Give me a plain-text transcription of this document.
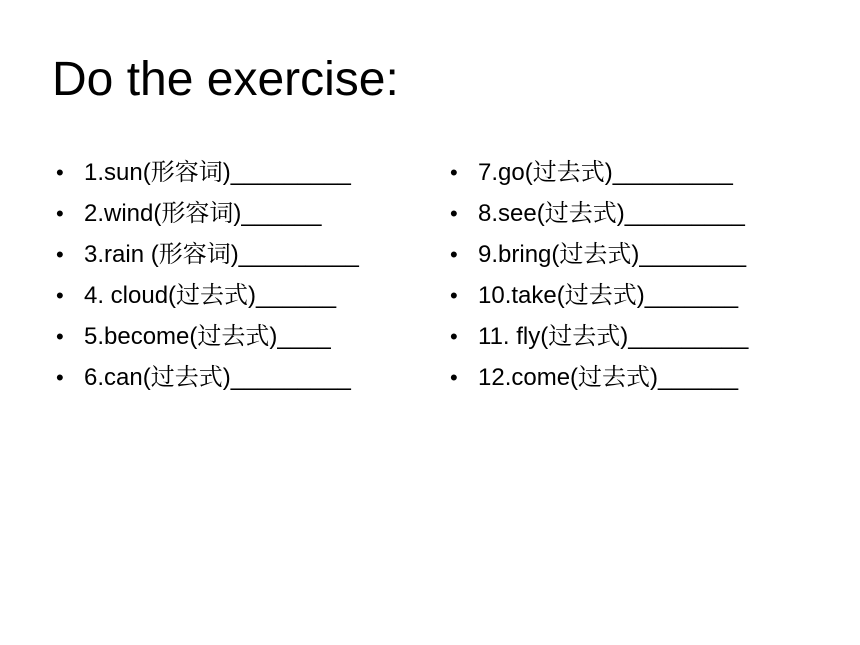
Do the exercise:
• 1.sun(形容词)_________
• 2.wind(形容词)______
• 3.rain (形容词)_________
• 4. cloud(过去式)______
• 5.become(过去式)____
• 6.can(过去式)_________
• 7.go(过去式)_________
• 8.see(过去式)_________
• 9.bring(过去式)________
• 10.take(过去式)_______
• 11. fly(过去式)_________
• 12.come(过去式)______
